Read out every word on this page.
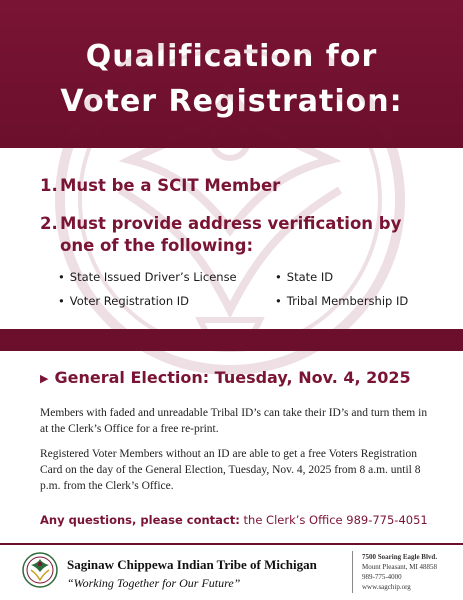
Qualification for
Voter Registration:
1. Must be a SCIT Member
2. Must provide address verification by one of the following:
• State Issued Driver’s License	• State ID
• Voter Registration ID	• Tribal Membership ID
▶ General Election: Tuesday, Nov. 4, 2025

Members with faded and unreadable Tribal ID’s can take their ID’s and turn them in at the Clerk’s Office for a free re-print.

Registered Voter Members without an ID are able to get a free Voters Registration Card on the day of the General Election, Tuesday, Nov. 4, 2025 from 8 a.m. until 8 p.m. from the Clerk’s Office.

Any questions, please contact: the Clerk’s Office 989-775-4051
Saginaw Chippewa Indian Tribe of Michigan
“Working Together for Our Future”
7500 Soaring Eagle Blvd.
Mount Pleasant, MI 48858
989-775-4000
www.sagchip.org
